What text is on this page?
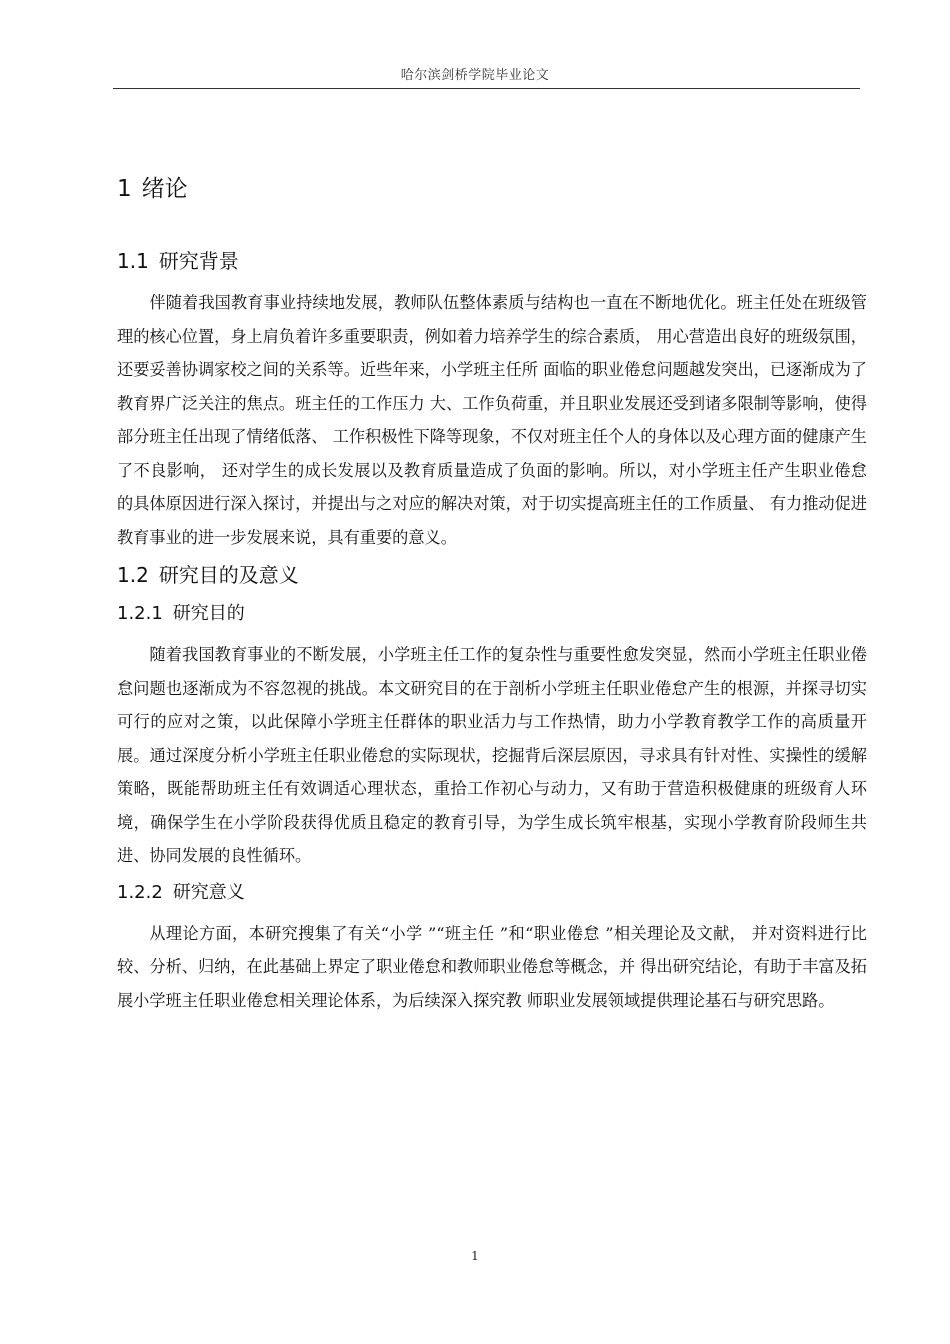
哈尔滨剑桥学院毕业论文
1 绪论
1.1 研究背景

伴随着我国教育事业持续地发展，教师队伍整体素质与结构也一直在不断地优化。班主任处在班级管理的核心位置，身上肩负着许多重要职责，例如着力培养学生的综合素质， 用心营造出良好的班级氛围，还要妥善协调家校之间的关系等。近些年来，小学班主任所 面临的职业倦怠问题越发突出，已逐渐成为了教育界广泛关注的焦点。班主任的工作压力 大、工作负荷重，并且职业发展还受到诸多限制等影响，使得部分班主任出现了情绪低落、 工作积极性下降等现象，不仅对班主任个人的身体以及心理方面的健康产生了不良影响， 还对学生的成长发展以及教育质量造成了负面的影响。所以，对小学班主任产生职业倦怠 的具体原因进行深入探讨，并提出与之对应的解决对策，对于切实提高班主任的工作质量、 有力推动促进教育事业的进一步发展来说，具有重要的意义。

1.2 研究目的及意义
1.2.1 研究目的

随着我国教育事业的不断发展，小学班主任工作的复杂性与重要性愈发突显，然而小学班主任职业倦怠问题也逐渐成为不容忽视的挑战。本文研究目的在于剖析小学班主任职业倦怠产生的根源，并探寻切实可行的应对之策，以此保障小学班主任群体的职业活力与工作热情，助力小学教育教学工作的高质量开展。通过深度分析小学班主任职业倦怠的实际现状，挖掘背后深层原因，寻求具有针对性、实操性的缓解策略，既能帮助班主任有效调适心理状态，重拾工作初心与动力，又有助于营造积极健康的班级育人环境，确保学生在小学阶段获得优质且稳定的教育引导，为学生成长筑牢根基，实现小学教育阶段师生共进、协同发展的良性循环。

1.2.2 研究意义

从理论方面，本研究搜集了有关“小学 ”“班主任 ”和“职业倦怠 ”相关理论及文献， 并对资料进行比较、分析、归纳，在此基础上界定了职业倦怠和教师职业倦怠等概念，并 得出研究结论，有助于丰富及拓展小学班主任职业倦怠相关理论体系，为后续深入探究教 师职业发展领域提供理论基石与研究思路。

1
